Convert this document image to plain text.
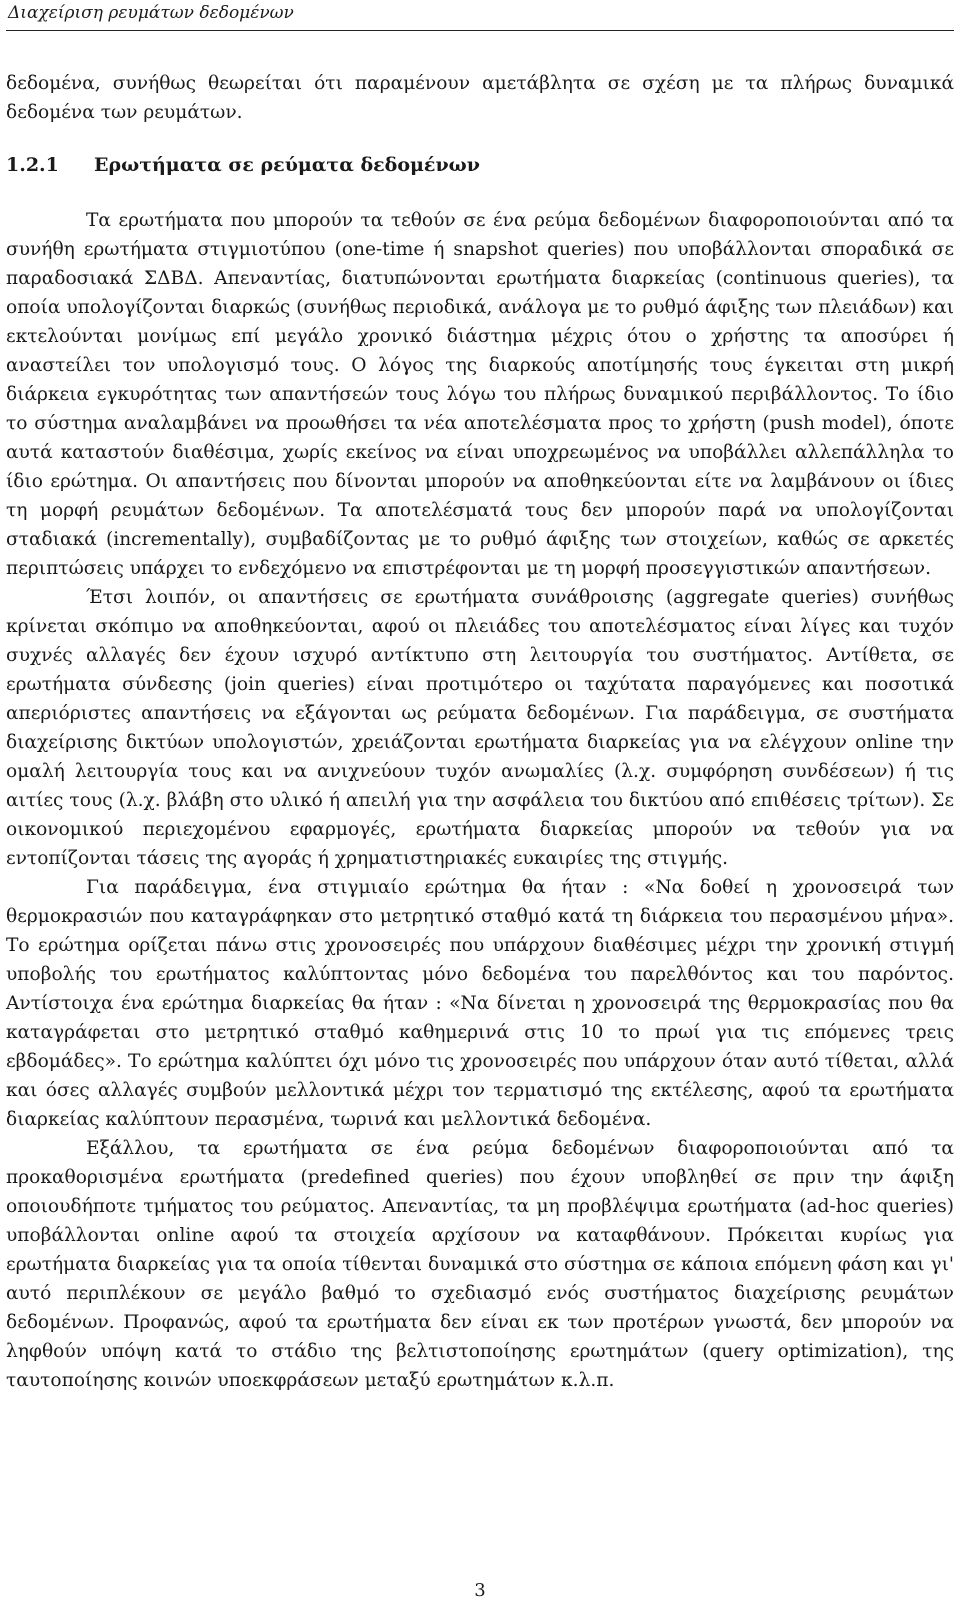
Διαχείριση ρευμάτων δεδομένων

δεδομένα, συνήθως θεωρείται ότι παραμένουν αμετάβλητα σε σχέση με τα πλήρως δυναμικά δεδομένα των ρευμάτων.

1.2.1 Ερωτήματα σε ρεύματα δεδομένων

Τα ερωτήματα που μπορούν τα τεθούν σε ένα ρεύμα δεδομένων διαφοροποιούνται από τα συνήθη ερωτήματα στιγμιοτύπου (one-time ή snapshot queries) που υποβάλλονται σποραδικά σε παραδοσιακά ΣΔΒΔ. Απεναντίας, διατυπώνονται ερωτήματα διαρκείας (continuous queries), τα οποία υπολογίζονται διαρκώς (συνήθως περιοδικά, ανάλογα με το ρυθμό άφιξης των πλειάδων) και εκτελούνται μονίμως επί μεγάλο χρονικό διάστημα μέχρις ότου ο χρήστης τα αποσύρει ή αναστείλει τον υπολογισμό τους. Ο λόγος της διαρκούς αποτίμησής τους έγκειται στη μικρή διάρκεια εγκυρότητας των απαντήσεών τους λόγω του πλήρως δυναμικού περιβάλλοντος. Το ίδιο το σύστημα αναλαμβάνει να προωθήσει τα νέα αποτελέσματα προς το χρήστη (push model), όποτε αυτά καταστούν διαθέσιμα, χωρίς εκείνος να είναι υποχρεωμένος να υποβάλλει αλλεπάλληλα το ίδιο ερώτημα. Οι απαντήσεις που δίνονται μπορούν να αποθηκεύονται είτε να λαμβάνουν οι ίδιες τη μορφή ρευμάτων δεδομένων. Τα αποτελέσματά τους δεν μπορούν παρά να υπολογίζονται σταδιακά (incrementally), συμβαδίζοντας με το ρυθμό άφιξης των στοιχείων, καθώς σε αρκετές περιπτώσεις υπάρχει το ενδεχόμενο να επιστρέφονται με τη μορφή προσεγγιστικών απαντήσεων.

Έτσι λοιπόν, οι απαντήσεις σε ερωτήματα συνάθροισης (aggregate queries) συνήθως κρίνεται σκόπιμο να αποθηκεύονται, αφού οι πλειάδες του αποτελέσματος είναι λίγες και τυχόν συχνές αλλαγές δεν έχουν ισχυρό αντίκτυπο στη λειτουργία του συστήματος. Αντίθετα, σε ερωτήματα σύνδεσης (join queries) είναι προτιμότερο οι ταχύτατα παραγόμενες και ποσοτικά απεριόριστες απαντήσεις να εξάγονται ως ρεύματα δεδομένων. Για παράδειγμα, σε συστήματα διαχείρισης δικτύων υπολογιστών, χρειάζονται ερωτήματα διαρκείας για να ελέγχουν online την ομαλή λειτουργία τους και να ανιχνεύουν τυχόν ανωμαλίες (λ.χ. συμφόρηση συνδέσεων) ή τις αιτίες τους (λ.χ. βλάβη στο υλικό ή απειλή για την ασφάλεια του δικτύου από επιθέσεις τρίτων). Σε οικονομικού περιεχομένου εφαρμογές, ερωτήματα διαρκείας μπορούν να τεθούν για να εντοπίζονται τάσεις της αγοράς ή χρηματιστηριακές ευκαιρίες της στιγμής.

Για παράδειγμα, ένα στιγμιαίο ερώτημα θα ήταν : «Να δοθεί η χρονοσειρά των θερμοκρασιών που καταγράφηκαν στο μετρητικό σταθμό κατά τη διάρκεια του περασμένου μήνα». Το ερώτημα ορίζεται πάνω στις χρονοσειρές που υπάρχουν διαθέσιμες μέχρι την χρονική στιγμή υποβολής του ερωτήματος καλύπτοντας μόνο δεδομένα του παρελθόντος και του παρόντος. Αντίστοιχα ένα ερώτημα διαρκείας θα ήταν : «Να δίνεται η χρονοσειρά της θερμοκρασίας που θα καταγράφεται στο μετρητικό σταθμό καθημερινά στις 10 το πρωί για τις επόμενες τρεις εβδομάδες». Το ερώτημα καλύπτει όχι μόνο τις χρονοσειρές που υπάρχουν όταν αυτό τίθεται, αλλά και όσες αλλαγές συμβούν μελλοντικά μέχρι τον τερματισμό της εκτέλεσης, αφού τα ερωτήματα διαρκείας καλύπτουν περασμένα, τωρινά και μελλοντικά δεδομένα.

Εξάλλου, τα ερωτήματα σε ένα ρεύμα δεδομένων διαφοροποιούνται από τα προκαθορισμένα ερωτήματα (predefined queries) που έχουν υποβληθεί σε πριν την άφιξη οποιουδήποτε τμήματος του ρεύματος. Απεναντίας, τα μη προβλέψιμα ερωτήματα (ad-hoc queries) υποβάλλονται online αφού τα στοιχεία αρχίσουν να καταφθάνουν. Πρόκειται κυρίως για ερωτήματα διαρκείας για τα οποία τίθενται δυναμικά στο σύστημα σε κάποια επόμενη φάση και γι' αυτό περιπλέκουν σε μεγάλο βαθμό το σχεδιασμό ενός συστήματος διαχείρισης ρευμάτων δεδομένων. Προφανώς, αφού τα ερωτήματα δεν είναι εκ των προτέρων γνωστά, δεν μπορούν να ληφθούν υπόψη κατά το στάδιο της βελτιστοποίησης ερωτημάτων (query optimization), της ταυτοποίησης κοινών υποεκφράσεων μεταξύ ερωτημάτων κ.λ.π.

3
